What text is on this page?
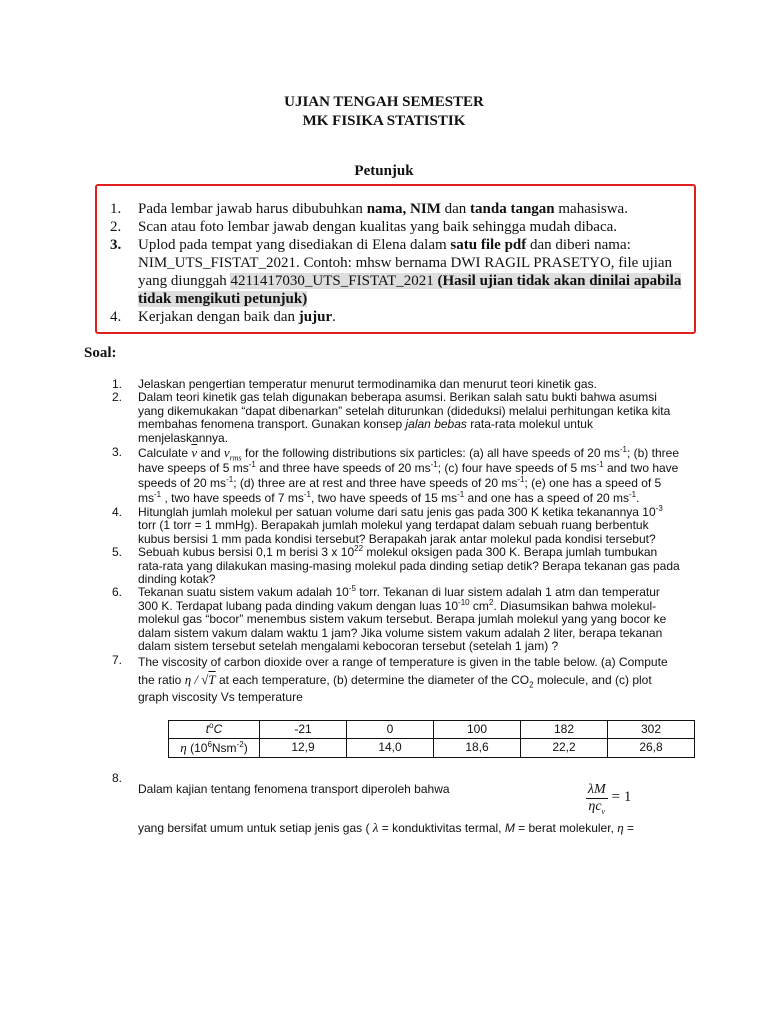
UJIAN TENGAH SEMESTER
MK FISIKA STATISTIK
Petunjuk

1. Pada lembar jawab harus dibubuhkan nama, NIM dan tanda tangan mahasiswa.

2. Scan atau foto lembar jawab dengan kualitas yang baik sehingga mudah dibaca.

3. Uplod pada tempat yang disediakan di Elena dalam satu file pdf dan diberi nama: NIM_UTS_FISTAT_2021. Contoh: mhsw bernama DWI RAGIL PRASETYO, file ujian yang diunggah 4211417030_UTS_FISTAT_2021 (Hasil ujian tidak akan dinilai apabila tidak mengikuti petunjuk)

4. Kerjakan dengan baik dan jujur.

Soal:

1. Jelaskan pengertian temperatur menurut termodinamika dan menurut teori kinetik gas.

2. Dalam teori kinetik gas telah digunakan beberapa asumsi. Berikan salah satu bukti bahwa asumsi yang dikemukakan “dapat dibenarkan” setelah diturunkan (dideduksi) melalui perhitungan ketika kita membahas fenomena transport. Gunakan konsep jalan bebas rata-rata molekul untuk menjelaskannya.

3. Calculate $\overline{v}$ and $v_{rms}$ for the following distributions six particles: (a) all have speeds of 20 $ms^{-1}$; (b) three have speeps of 5 $ms^{-1}$ and three have speeds of 20 $ms^{-1}$; (c) four have speeds of 5 $ms^{-1}$ and two have speeds of 20 $ms^{-1}$; (d) three are at rest and three have speeds of 20 $ms^{-1}$; (e) one has a speed of 5 $ms^{-1}$ , two have speeds of 7 $ms^{-1}$, two have speeds of 15 $ms^{-1}$ and one has a speed of 20 $ms^{-1}$.

4. Hitunglah jumlah molekul per satuan volume dari satu jenis gas pada 300 K ketika tekanannya $10^{-3}$ torr (1 torr = 1 mmHg). Berapakah jumlah molekul yang terdapat dalam sebuah ruang berbentuk kubus bersisi 1 mm pada kondisi tersebut? Berapakah jarak antar molekul pada kondisi tersebut?

5. Sebuah kubus bersisi 0,1 m berisi 3 x $10^{22}$ molekul oksigen pada 300 K. Berapa jumlah tumbukan rata-rata yang dilakukan masing-masing molekul pada dinding setiap detik? Berapa tekanan gas pada dinding kotak?

6. Tekanan suatu sistem vakum adalah $10^{-5}$ torr. Tekanan di luar sistem adalah 1 atm dan temperatur 300 K. Terdapat lubang pada dinding vakum dengan luas $10^{-10}$ $cm^2$. Diasumsikan bahwa molekul-molekul gas “bocor” menembus sistem vakum tersebut. Berapa jumlah molekul yang yang bocor ke dalam sistem vakum dalam waktu 1 jam? Jika volume sistem vakum adalah 2 liter, berapa tekanan dalam sistem tersebut setelah mengalami kebocoran tersebut (setelah 1 jam) ?

7. The viscosity of carbon dioxide over a range of temperature is given in the table below. (a) Compute the ratio η / √T at each temperature, (b) determine the diameter of the $CO_2$ molecule, and (c) plot graph viscosity Vs temperature
$t^oC$	-21	0	100	182	302
η $(10^6Nsm^{-2})$	12,9	14,0	18,6	22,2	26,8
8.
Dalam kajian tentang fenomena transport diperoleh bahwa	$\frac{\lambda M}{\eta c_v} = 1$
yang bersifat umum untuk setiap jenis gas ( λ = konduktivitas termal, M = berat molekuler, η =
